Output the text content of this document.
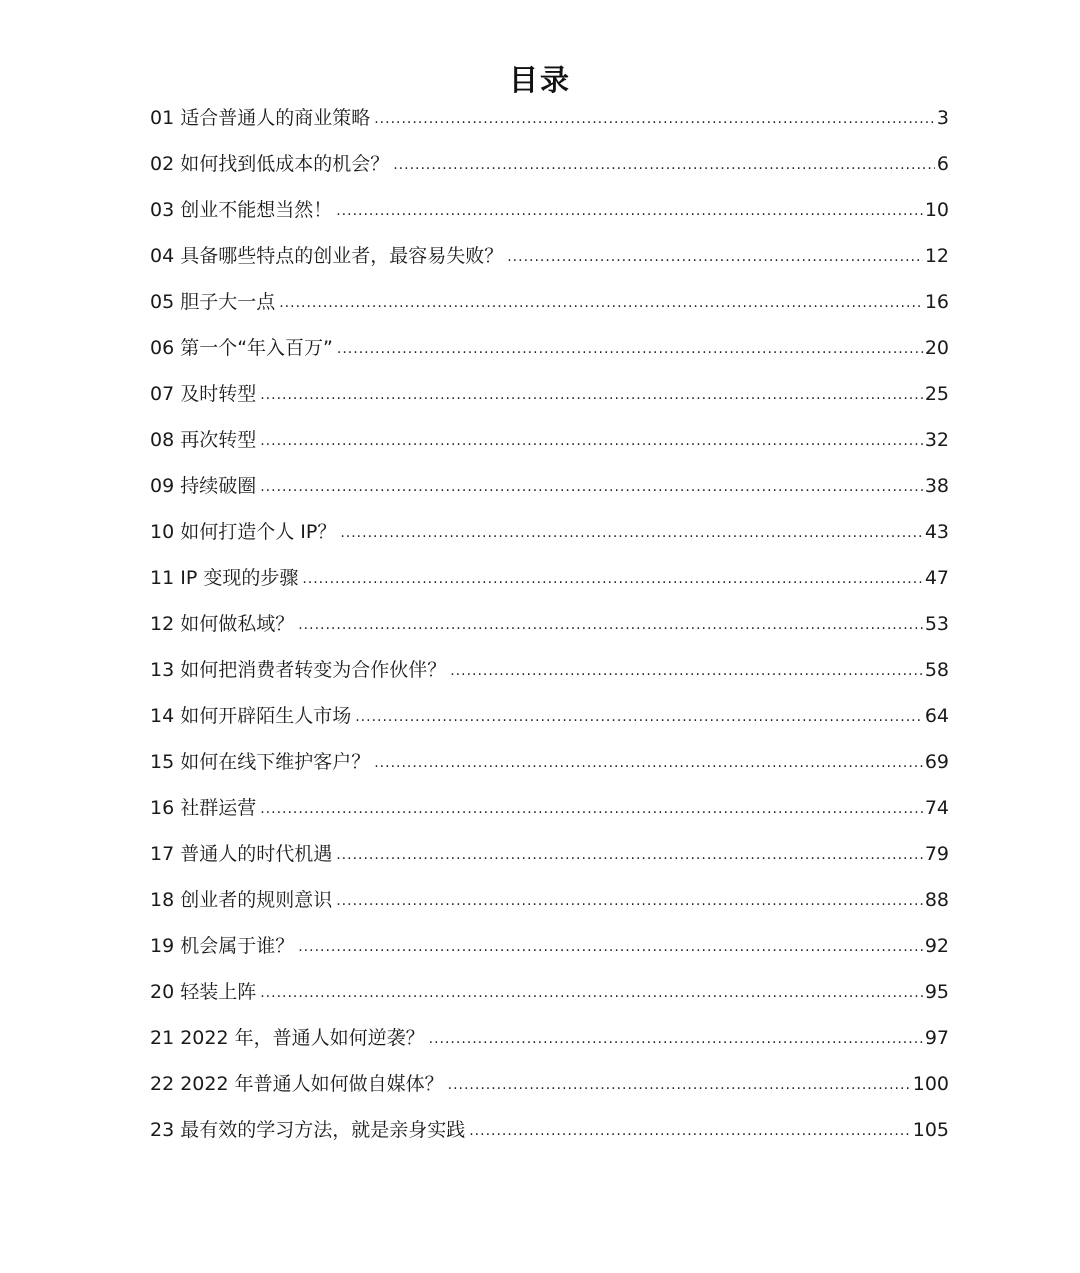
目录
01 适合普通人的商业策略 .....	3
02 如何找到低成本的机会？ .....	6
03 创业不能想当然！ .....	10
04 具备哪些特点的创业者，最容易失败？ .....	12
05 胆子大一点 .....	16
06 第一个“年入百万” .....	20
07 及时转型 .....	25
08 再次转型 .....	32
09 持续破圈 .....	38
10 如何打造个人 IP？ .....	43
11 IP 变现的步骤 .....	47
12 如何做私域？ .....	53
13 如何把消费者转变为合作伙伴？ .....	58
14 如何开辟陌生人市场 .....	64
15 如何在线下维护客户？ .....	69
16 社群运营 .....	74
17 普通人的时代机遇 .....	79
18 创业者的规则意识 .....	88
19 机会属于谁？ .....	92
20 轻装上阵 .....	95
21 2022 年，普通人如何逆袭？ .....	97
22 2022 年普通人如何做自媒体？ .....	100
23 最有效的学习方法，就是亲身实践 .....	105
